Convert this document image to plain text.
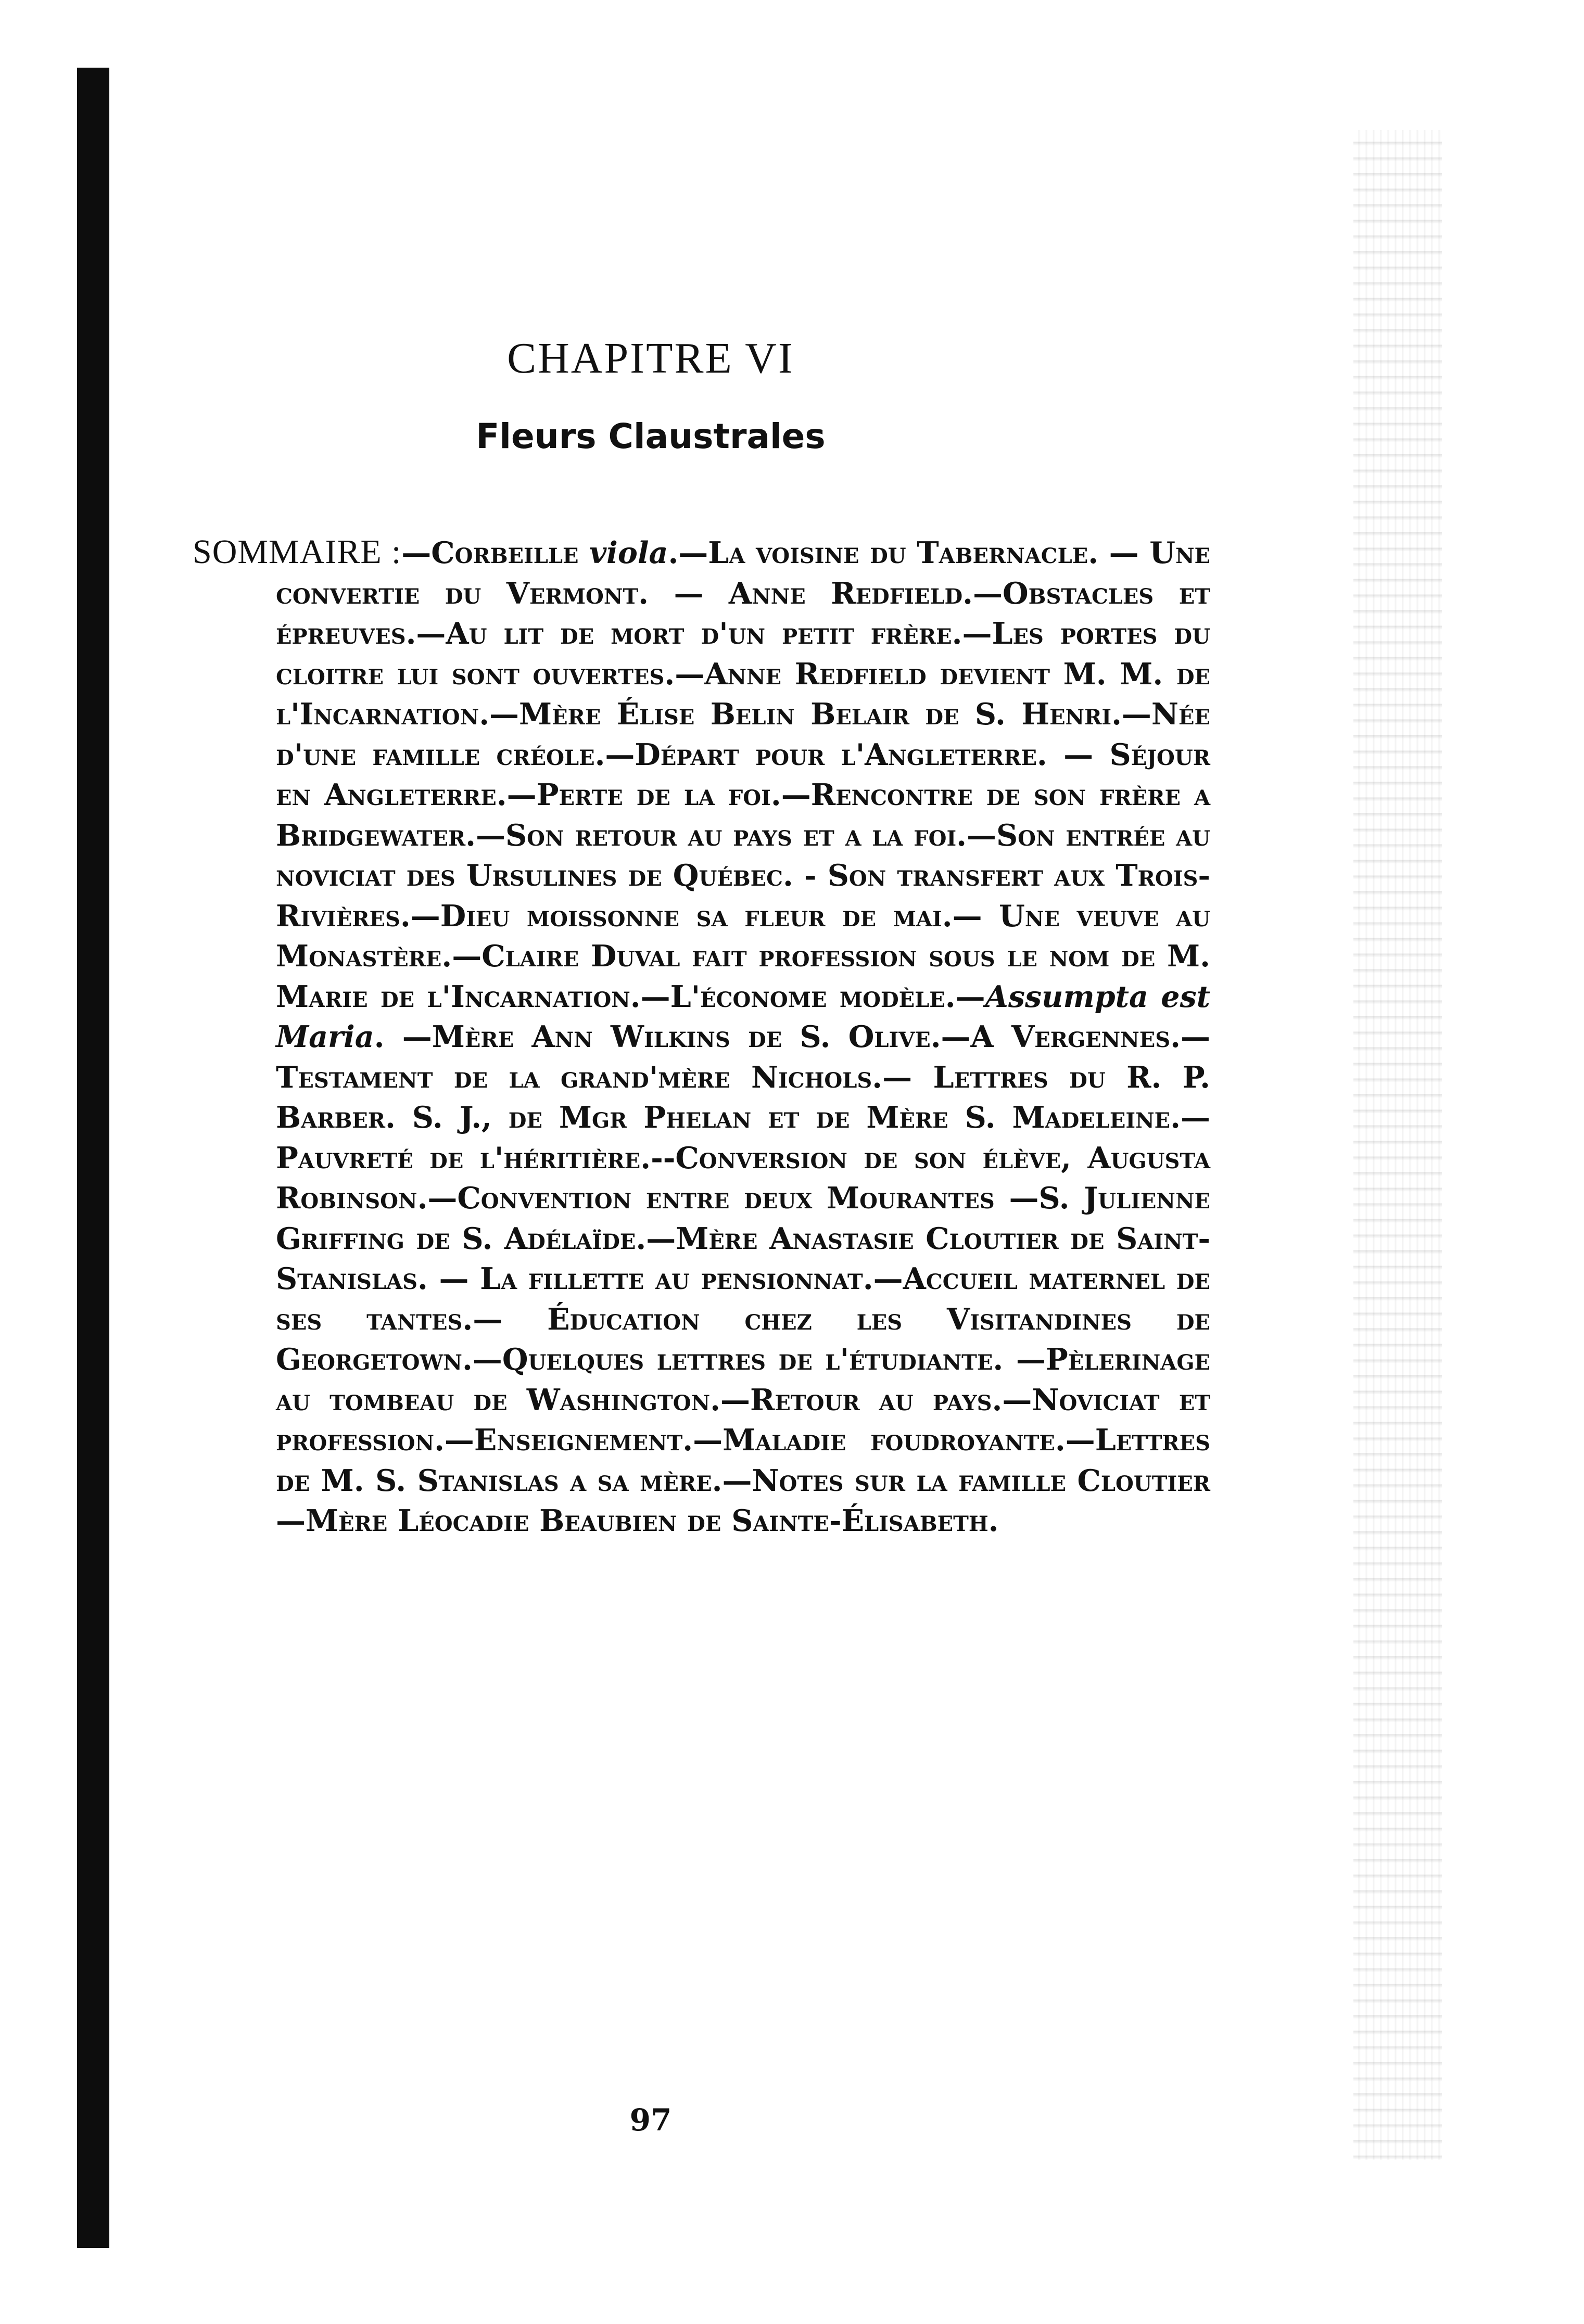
CHAPITRE VI
Fleurs Claustrales

SOMMAIRE :—Corbeille viola.—La voisine du Tabernacle. — Une convertie du Vermont. — Anne Redfield.—Obstacles et épreuves.—Au lit de mort d'un petit frère.—Les portes du cloitre lui sont ouvertes.—Anne Redfield devient M. M. de l'Incarnation.—Mère Élise Belin Belair de S. Henri.—Née d'une famille créole.—Départ pour l'Angleterre. — Séjour en Angleterre.—Perte de la foi.—Rencontre de son frère a Bridgewater.—Son retour au pays et a la foi.—Son entrée au noviciat des Ursulines de Québec. - Son transfert aux Trois-Rivières.—Dieu moissonne sa fleur de mai.— Une veuve au Monastère.—Claire Duval fait profession sous le nom de M. Marie de l'Incarnation.—L'économe modèle.—Assumpta est Maria. —Mère Ann Wilkins de S. Olive.—A Vergennes.—Testament de la grand'mère Nichols.— Lettres du R. P. Barber. S. J., de Mgr Phelan et de Mère S. Madeleine.—Pauvreté de l'héritière.--Conversion de son élève, Augusta Robinson.—Convention entre deux Mourantes —S. Julienne Griffing de S. Adélaïde.—Mère Anastasie Cloutier de Saint-Stanislas. — La fillette au pensionnat.—Accueil maternel de ses tantes.— Éducation chez les Visitandines de Georgetown.—Quelques lettres de l'étudiante. —Pèlerinage au tombeau de Washington.—Retour au pays.—Noviciat et profession.—Enseignement.—Maladie foudroyante.—Lettres de M. S. Stanislas a sa mère.—Notes sur la famille Cloutier —Mère Léocadie Beaubien de Sainte-Élisabeth.

97
